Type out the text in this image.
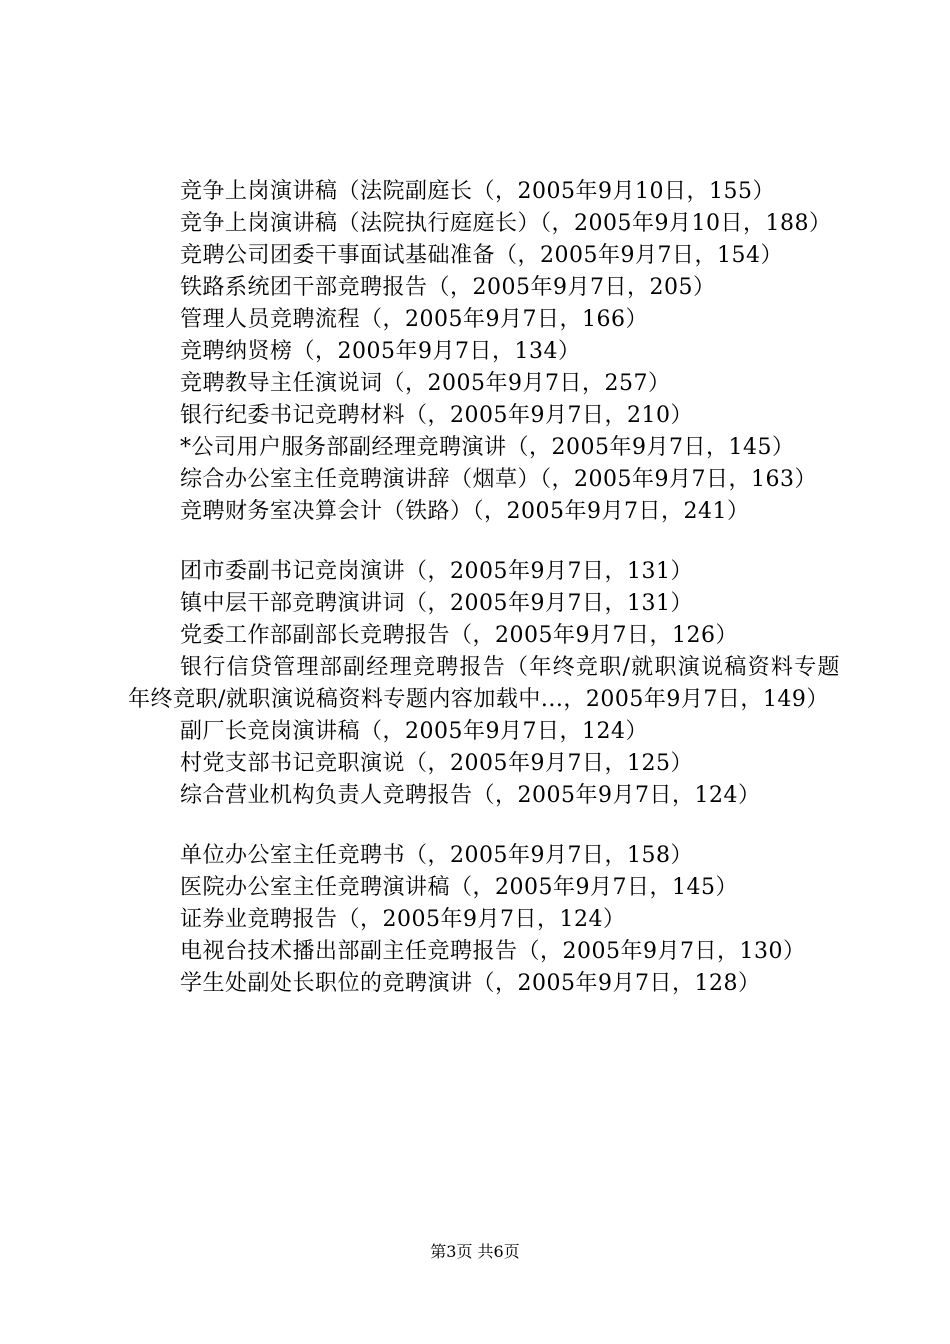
竞争上岗演讲稿（法院副庭长（，2005年9月10日，155）
竞争上岗演讲稿（法院执行庭庭长）（，2005年9月10日，188）
竞聘公司团委干事面试基础准备（，2005年9月7日，154）
铁路系统团干部竞聘报告（，2005年9月7日，205）
管理人员竞聘流程（，2005年9月7日，166）
竞聘纳贤榜（，2005年9月7日，134）
竞聘教导主任演说词（，2005年9月7日，257）
银行纪委书记竞聘材料（，2005年9月7日，210）
*公司用户服务部副经理竞聘演讲（，2005年9月7日，145）
综合办公室主任竞聘演讲辞（烟草）（，2005年9月7日，163）
竞聘财务室决算会计（铁路）（，2005年9月7日，241）
团市委副书记竞岗演讲（，2005年9月7日，131）
镇中层干部竞聘演讲词（，2005年9月7日，131）
党委工作部副部长竞聘报告（，2005年9月7日，126）
银行信贷管理部副经理竞聘报告（年终竞职/就职演说稿资料专题年终竞职/就职演说稿资料专题内容加载中...，2005年9月7日，149）
副厂长竞岗演讲稿（，2005年9月7日，124）
村党支部书记竞职演说（，2005年9月7日，125）
综合营业机构负责人竞聘报告（，2005年9月7日，124）
单位办公室主任竞聘书（，2005年9月7日，158）
医院办公室主任竞聘演讲稿（，2005年9月7日，145）
证券业竞聘报告（，2005年9月7日，124）
电视台技术播出部副主任竞聘报告（，2005年9月7日，130）
学生处副处长职位的竞聘演讲（，2005年9月7日，128）
第3页 共6页
